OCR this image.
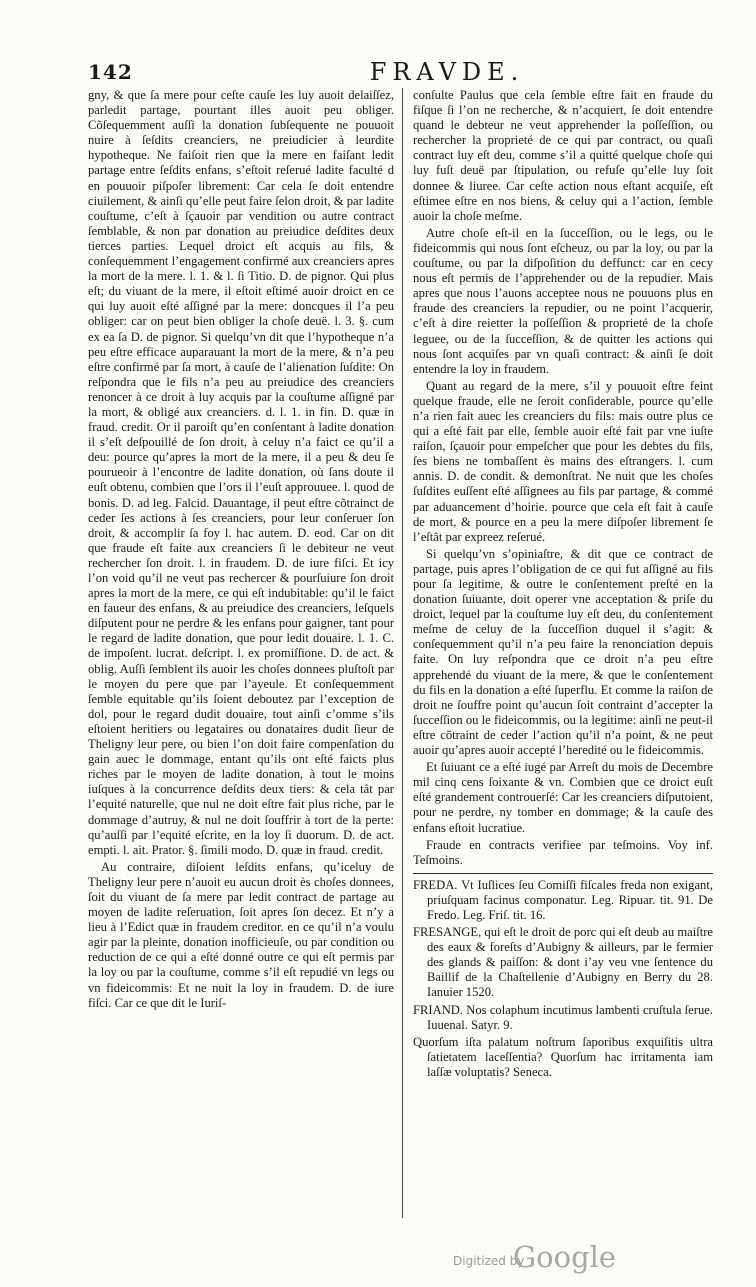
142	FRAVDE.

gny, & que ſa mere pour ceſte cauſe les luy auoit delaiſſez, parledit partage, pourtant illes auoit peu obliger. Cõſequemment auſſi la donation ſubſequente ne pouuoit nuire à ſeſdits creanciers, ne preiudicier à leurdite hypotheque. Ne faiſoit rien que la mere en faiſant ledit partage entre ſeſdits enfans, s’eſtoit reſerué ladite faculté d en pouuoir piſpoſer librement: Car cela ſe doit entendre ciuilement, & ainſi qu’elle peut faire ſelon droit, & par ladite couſtume, c’eſt à ſçauoir par vendition ou autre contract ſemblable, & non par donation au preiudice deſdites deux tierces parties. Lequel droict eſt acquis au fils, & conſequemment l’engagement confirmé aux creanciers apres la mort de la mere. l. 1. & l. ſi Titio. D. de pignor. Qui plus eſt; du viuant de la mere, il eſtoit eſtimé auoir droict en ce qui luy auoit eſté aſſigné par la mere: doncques il l’a peu obliger: car on peut bien obliger la choſe deuë. l. 3. §. cum ex ea ſa D. de pignor. Si quelqu’vn dit que l’hypotheque n’a peu eſtre efficace auparauant la mort de la mere, & n’a peu eſtre confirmé par ſa mort, à cauſe de l’alienation ſuſdite: On reſpondra que le fils n’a peu au preiudice des creanciers renoncer à ce droit à luy acquis par la couſtume aſſigné par la mort, & obligé aux creanciers. d. l. 1. in fin. D. quæ in fraud. credit. Or il paroiſt qu’en conſentant à ladite donation il s’eſt deſpouillé de ſon droit, à celuy n’a faict ce qu’il a deu: pource qu’apres la mort de la mere, il a peu & deu ſe pourueoir à l’encontre de ladite donation, où ſans doute il euſt obtenu, combien que l’ors il l’euſt approuuee. l. quod de bonis. D. ad leg. Falcid. Dauantage, il peut eſtre cõtrainct de ceder ſes actions à ſes creanciers, pour leur conſeruer ſon droit, & accomplir ſa foy l. hac autem. D. eod. Car on dit que fraude eſt faite aux creanciers ſi le debiteur ne veut rechercher ſon droit. l. in fraudem. D. de iure fiſci. Et icy l’on void qu’il ne veut pas rechercer & pourſuiure ſon droit apres la mort de la mere, ce qui eſt indubitable: qu’il le faict en faueur des enfans, & au preiudice des creanciers, leſquels diſputent pour ne perdre & les enfans pour gaigner, tant pour le regard de ladite donation, que pour ledit douaire. l. 1. C. de impoſent. lucrat. deſcript. l. ex promiſſione. D. de act. & oblig. Auſſi ſemblent ils auoir les choſes donnees pluſtoſt par le moyen du pere que par l’ayeule. Et conſequemment ſemble equitable qu’ils ſoient deboutez par l’exception de dol, pour le regard dudit douaire, tout ainſi c’omme s’ils eſtoient heritiers ou legataires ou donataires dudit ſieur de Theligny leur pere, ou bien l’on doit faire compenſation du gain auec le dommage, entant qu’ils ont eſté faicts plus riches par le moyen de ladite donation, à tout le moins iuſques à la concurrence deſdits deux tiers: & cela tât par l’equité naturelle, que nul ne doit eſtre fait plus riche, par le dommage d’autruy, & nul ne doit ſouffrir à tort de la perte: qu’auſſi par l’equité eſcrite, en la loy ſi duorum. D. de act. empti. l. ait. Prator. §. ſimili modo. D. quæ in fraud. credit.

Au contraire, diſoient leſdits enfans, qu’iceluy de Theligny leur pere n’auoit eu aucun droit ès choſes donnees, ſoit du viuant de ſa mere par ledit contract de partage au moyen de ladite reſeruation, ſoit apres ſon decez. Et n’y a lieu à l’Edict quæ in fraudem creditor. en ce qu’il n’a voulu agir par la pleinte, donation inofficieuſe, ou par condition ou reduction de ce qui a eſté donné outre ce qui eſt permis par la loy ou par la couſtume, comme s’il eſt repudié vn legs ou vn fideicommis: Et ne nuit la loy in fraudem. D. de iure fiſci. Car ce que dit le Iuriſ-

conſulte Paulus que cela ſemble eſtre fait en fraude du fiſque ſi l’on ne recherche, & n’acquiert, ſe doit entendre quand le debteur ne veut apprehender la poſſeſſion, ou rechercher la proprieté de ce qui par contract, ou quaſi contract luy eſt deu, comme s’il a quitté quelque choſe qui luy fuſt deuë par ſtipulation, ou refuſe qu’elle luy ſoit donnee & liuree. Car ceſte action nous eſtant acquiſe, eſt eſtimee eſtre en nos biens, & celuy qui a l’action, ſemble auoir la choſe meſme.

Autre choſe eſt-il en la ſucceſſion, ou le legs, ou le fideicommis qui nous ſont eſcheuz, ou par la loy, ou par la couſtume, ou par la diſpoſition du deffunct: car en cecy nous eſt permis de l’apprehender ou de la repudier. Mais apres que nous l’auons acceptee nous ne pouuons plus en fraude des creanciers la repudier, ou ne point l’acquerir, c’eſt à dire reietter la poſſeſſion & proprieté de la choſe leguee, ou de la ſucceſſion, & de quitter les actions qui nous ſont acquiſes par vn quaſi contract: & ainſi ſe doit entendre la loy in fraudem.

Quant au regard de la mere, s’il y pouuoit eſtre feint quelque fraude, elle ne ſeroit conſiderable, pource qu’elle n’a rien fait auec les creanciers du fils: mais outre plus ce qui a eſté fait par elle, ſemble auoir eſté fait par vne iuſte raiſon, ſçauoir pour empeſcher que pour les debtes du fils, ſes biens ne tombaſſent ès mains des eſtrangers. l. cum annis. D. de condit. & demonſtrat. Ne nuit que les choſes ſuſdites euſſent eſté aſſignees au fils par partage, & commé par aduancement d’hoirie. pource que cela eſt fait à cauſe de mort, & pource en a peu la mere diſpoſer librement ſe l’eſtât par expreez reſerué.

Si quelqu’vn s’opiniaſtre, & dit que ce contract de partage, puis apres l’obligation de ce qui fut aſſigné au fils pour ſa legitime, & outre le conſentement preſté en la donation ſuiuante, doit operer vne acceptation & priſe du droict, lequel par la couſtume luy eſt deu, du conſentement meſme de celuy de la ſucceſſion duquel il s’agit: & conſequemment qu’il n’a peu faire la renonciation depuis faite. On luy reſpondra que ce droit n’a peu eſtre apprehendé du viuant de la mere, & que le conſentement du fils en la donation a eſté ſuperflu. Et comme la raiſon de droit ne ſouffre point qu’aucun ſoit contraint d’accepter la ſucceſſion ou le fideicommis, ou la legitime: ainſi ne peut-il eſtre cõtraint de ceder l’action qu’il n’a point, & ne peut auoir qu’apres auoir accepté l’heredité ou le fideicommis.

Et ſuiuant ce a eſté iugé par Arreſt du mois de Decembre mil cinq cens ſoixante & vn. Combien que ce droict euſt eſté grandement controuerſé: Car les creanciers diſputoient, pour ne perdre, ny tomber en dommage; & la cauſe des enfans eſtoit lucratiue.

Fraude en contracts verifiee par teſmoins. Voy inf. Teſmoins.

FREDA. Vt Iuſlices ſeu Comiſſi fiſcales freda non exigant, priuſquam facinus componatur. Leg. Ripuar. tit. 91. De Fredo. Leg. Friſ. tit. 16.

FRESANGE, qui eſt le droit de porc qui eſt deub au maiſtre des eaux & foreſts d’Aubigny & ailleurs, par le fermier des glands & paiſſon: & dont i’ay veu vne ſentence du Baillif de la Chaſtellenie d’Aubigny en Berry du 28. Ianuier 1520.

FRIAND. Nos colaphum incutimus lambenti cruſtula ſerue. Iuuenal. Satyr. 9.

Quorſum iſta palatum noſtrum ſaporibus exquiſitis ultra ſatietatem laceſſentia? Quorſum hac irritamenta iam laſſæ voluptatis? Seneca.

Digitized by
Google
